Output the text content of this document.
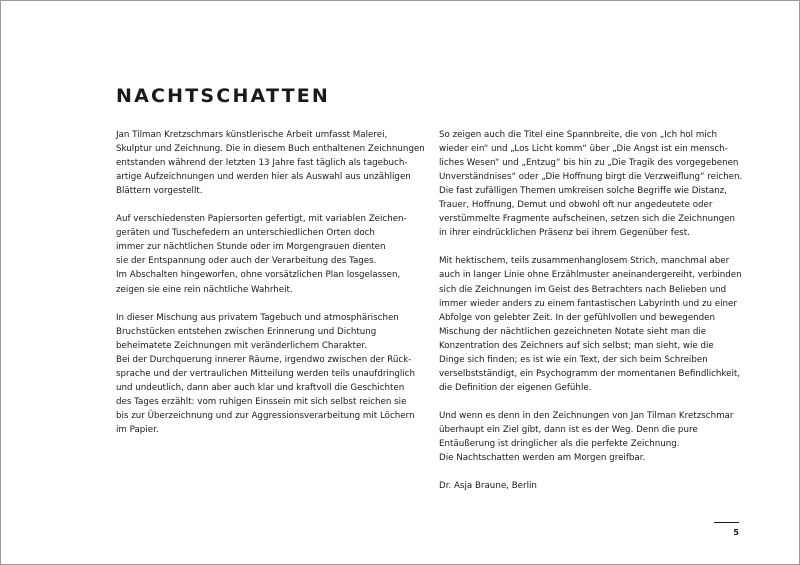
NACHTSCHATTEN
Jan Tilman Kretzschmars künstlerische Arbeit umfasst Malerei,
Skulptur und Zeichnung. Die in diesem Buch enthaltenen Zeichnungen
entstanden während der letzten 13 Jahre fast täglich als tagebuch-
artige Aufzeichnungen und werden hier als Auswahl aus unzähligen
Blättern vorgestellt.
Auf verschiedensten Papiersorten gefertigt, mit variablen Zeichen-
geräten und Tuschefedern an unterschiedlichen Orten doch
immer zur nächtlichen Stunde oder im Morgengrauen dienten
sie der Entspannung oder auch der Verarbeitung des Tages.
Im Abschalten hingeworfen, ohne vorsätzlichen Plan losgelassen,
zeigen sie eine rein nächtliche Wahrheit.
In dieser Mischung aus privatem Tagebuch und atmosphärischen
Bruchstücken entstehen zwischen Erinnerung und Dichtung
beheimatete Zeichnungen mit veränderlichem Charakter.
Bei der Durchquerung innerer Räume, irgendwo zwischen der Rück-
sprache und der vertraulichen Mitteilung werden teils unaufdringlich
und undeutlich, dann aber auch klar und kraftvoll die Geschichten
des Tages erzählt: vom ruhigen Einssein mit sich selbst reichen sie
bis zur Überzeichnung und zur Aggressionsverarbeitung mit Löchern
im Papier.
So zeigen auch die Titel eine Spannbreite, die von „Ich hol mich
wieder ein“ und „Los Licht komm“ über „Die Angst ist ein mensch-
liches Wesen“ und „Entzug“ bis hin zu „Die Tragik des vorgegebenen
Unverständnises“ oder „Die Hoffnung birgt die Verzweiflung“ reichen.
Die fast zufälligen Themen umkreisen solche Begriffe wie Distanz,
Trauer, Hoffnung, Demut und obwohl oft nur angedeutete oder
verstümmelte Fragmente aufscheinen, setzen sich die Zeichnungen
in ihrer eindrücklichen Präsenz bei ihrem Gegenüber fest.
Mit hektischem, teils zusammenhanglosem Strich, manchmal aber
auch in langer Linie ohne Erzählmuster aneinandergereiht, verbinden
sich die Zeichnungen im Geist des Betrachters nach Belieben und
immer wieder anders zu einem fantastischen Labyrinth und zu einer
Abfolge von gelebter Zeit. In der gefühlvollen und bewegenden
Mischung der nächtlichen gezeichneten Notate sieht man die
Konzentration des Zeichners auf sich selbst; man sieht, wie die
Dinge sich finden; es ist wie ein Text, der sich beim Schreiben
verselbstständigt, ein Psychogramm der momentanen Befindlichkeit,
die Definition der eigenen Gefühle.
Und wenn es denn in den Zeichnungen von Jan Tilman Kretzschmar
überhaupt ein Ziel gibt, dann ist es der Weg. Denn die pure
Entäußerung ist dringlicher als die perfekte Zeichnung.
Die Nachtschatten werden am Morgen greifbar.
Dr. Asja Braune, Berlin
5
